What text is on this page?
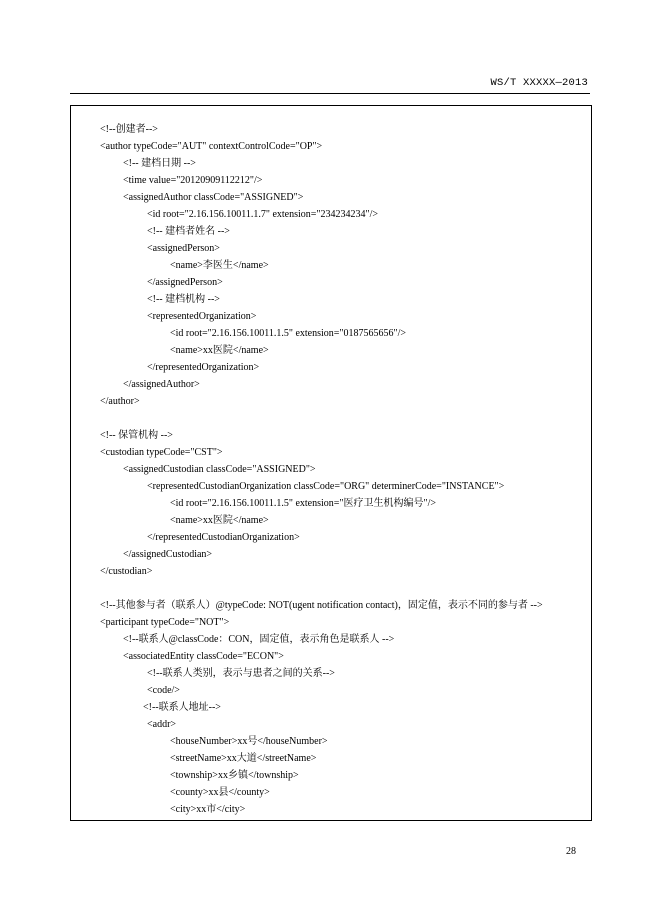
WS/T XXXXX—2013
<!--创建者-->
<author typeCode="AUT" contextControlCode="OP">
<!-- 建档日期 -->
<time value="20120909112212"/>
<assignedAuthor classCode="ASSIGNED">
<id root="2.16.156.10011.1.7" extension="234234234"/>
<!-- 建档者姓名 -->
<assignedPerson>
<name>李医生</name>
</assignedPerson>
<!-- 建档机构 -->
<representedOrganization>
<id root="2.16.156.10011.1.5" extension="0187565656"/>
<name>xx医院</name>
</representedOrganization>
</assignedAuthor>
</author>
<!-- 保管机构 -->
<custodian typeCode="CST">
<assignedCustodian classCode="ASSIGNED">
<representedCustodianOrganization classCode="ORG" determinerCode="INSTANCE">
<id root="2.16.156.10011.1.5" extension="医疗卫生机构编号"/>
<name>xx医院</name>
</representedCustodianOrganization>
</assignedCustodian>
</custodian>
<!--其他参与者（联系人）@typeCode: NOT(ugent notification contact)，固定值，表示不同的参与者 -->
<participant typeCode="NOT">
<!--联系人@classCode：CON，固定值，表示角色是联系人 -->
<associatedEntity classCode="ECON">
<!--联系人类别，表示与患者之间的关系-->
<code/>
<!--联系人地址-->
<addr>
<houseNumber>xx号</houseNumber>
<streetName>xx大道</streetName>
<township>xx乡镇</township>
<county>xx县</county>
<city>xx市</city>
28
